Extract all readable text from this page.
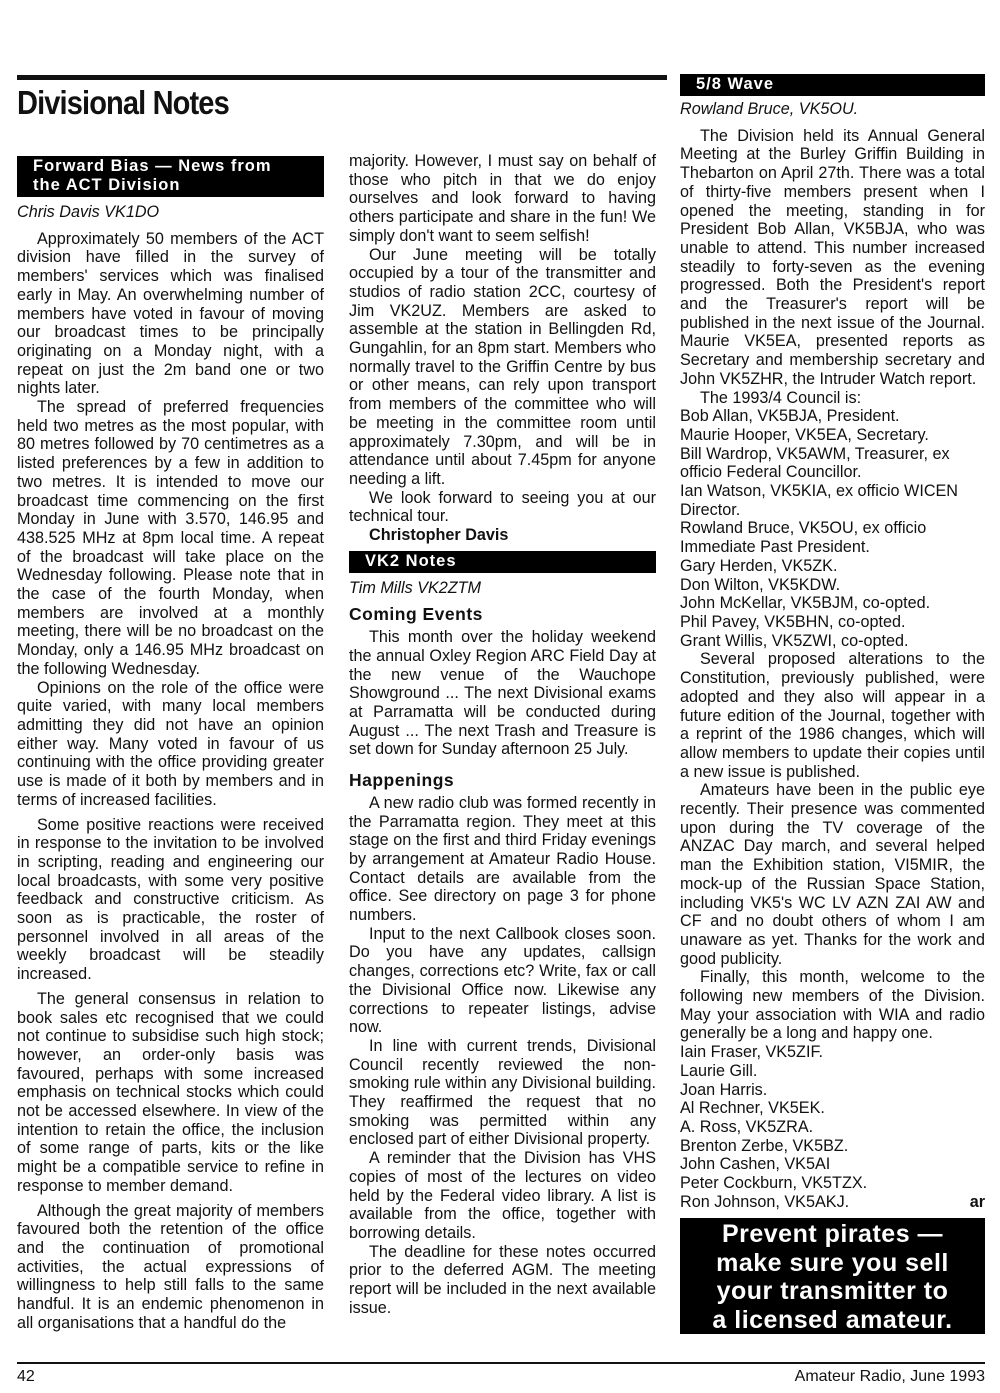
Divisional Notes
Forward Bias — News from
the ACT Division
Chris Davis VK1DO

Approximately 50 members of the ACT division have filled in the survey of members' services which was finalised early in May. An overwhelming number of members have voted in favour of moving our broadcast times to be principally originating on a Monday night, with a repeat on just the 2m band one or two nights later.

The spread of preferred frequencies held two metres as the most popular, with 80 metres followed by 70 centimetres as a listed preferences by a few in addition to two metres. It is intended to move our broadcast time commencing on the first Monday in June with 3.570, 146.95 and 438.525 MHz at 8pm local time. A repeat of the broadcast will take place on the Wednesday following. Please note that in the case of the fourth Monday, when members are involved at a monthly meeting, there will be no broadcast on the Monday, only a 146.95 MHz broadcast on the following Wednesday.

Opinions on the role of the office were quite varied, with many local members admitting they did not have an opinion either way. Many voted in favour of us continuing with the office providing greater use is made of it both by members and in terms of increased facilities.

Some positive reactions were received in response to the invitation to be involved in scripting, reading and engineering our local broadcasts, with some very positive feedback and constructive criticism. As soon as is practicable, the roster of personnel involved in all areas of the weekly broadcast will be steadily increased.

The general consensus in relation to book sales etc recognised that we could not continue to subsidise such high stock; however, an order-only basis was favoured, perhaps with some increased emphasis on technical stocks which could not be accessed elsewhere. In view of the intention to retain the office, the inclusion of some range of parts, kits or the like might be a compatible service to refine in response to member demand.

Although the great majority of members favoured both the retention of the office and the continuation of promotional activities, the actual expressions of willingness to help still falls to the same handful. It is an endemic phenomenon in all organisations that a handful do the

majority. However, I must say on behalf of those who pitch in that we do enjoy ourselves and look forward to having others participate and share in the fun! We simply don't want to seem selfish!

Our June meeting will be totally occupied by a tour of the transmitter and studios of radio station 2CC, courtesy of Jim VK2UZ. Members are asked to assemble at the station in Bellingden Rd, Gungahlin, for an 8pm start. Members who normally travel to the Griffin Centre by bus or other means, can rely upon transport from members of the committee who will be meeting in the committee room until approximately 7.30pm, and will be in attendance until about 7.45pm for anyone needing a lift.

We look forward to seeing you at our technical tour.

Christopher Davis

VK2 Notes
Tim Mills VK2ZTM
Coming Events

This month over the holiday weekend the annual Oxley Region ARC Field Day at the new venue of the Wauchope Showground ... The next Divisional exams at Parramatta will be conducted during August ... The next Trash and Treasure is set down for Sunday afternoon 25 July.

Happenings

A new radio club was formed recently in the Parramatta region. They meet at this stage on the first and third Friday evenings by arrangement at Amateur Radio House. Contact details are available from the office. See directory on page 3 for phone numbers.

Input to the next Callbook closes soon. Do you have any updates, callsign changes, corrections etc? Write, fax or call the Divisional Office now. Likewise any corrections to repeater listings, advise now.

In line with current trends, Divisional Council recently reviewed the non-smoking rule within any Divisional building. They reaffirmed the request that no smoking was permitted within any enclosed part of either Divisional property.

A reminder that the Division has VHS copies of most of the lectures on video held by the Federal video library. A list is available from the office, together with borrowing details.

The deadline for these notes occurred prior to the deferred AGM. The meeting report will be included in the next available issue.

5/8 Wave
Rowland Bruce, VK5OU.

The Division held its Annual General Meeting at the Burley Griffin Building in Thebarton on April 27th. There was a total of thirty-five members present when I opened the meeting, standing in for President Bob Allan, VK5BJA, who was unable to attend. This number increased steadily to forty-seven as the evening progressed. Both the President's report and the Treasurer's report will be published in the next issue of the Journal. Maurie VK5EA, presented reports as Secretary and membership secretary and John VK5ZHR, the Intruder Watch report.

The 1993/4 Council is:

Bob Allan, VK5BJA, President.

Maurie Hooper, VK5EA, Secretary.

Bill Wardrop, VK5AWM, Treasurer, ex officio Federal Councillor.

Ian Watson, VK5KIA, ex officio WICEN Director.

Rowland Bruce, VK5OU, ex officio Immediate Past President.

Gary Herden, VK5ZK.

Don Wilton, VK5KDW.

John McKellar, VK5BJM, co-opted.

Phil Pavey, VK5BHN, co-opted.

Grant Willis, VK5ZWI, co-opted.

Several proposed alterations to the Constitution, previously published, were adopted and they also will appear in a future edition of the Journal, together with a reprint of the 1986 changes, which will allow members to update their copies until a new issue is published.

Amateurs have been in the public eye recently. Their presence was commented upon during the TV coverage of the ANZAC Day march, and several helped man the Exhibition station, VI5MIR, the mock-up of the Russian Space Station, including VK5's WC LV AZN ZAI AW and CF and no doubt others of whom I am unaware as yet. Thanks for the work and good publicity.

Finally, this month, welcome to the following new members of the Division. May your association with WIA and radio generally be a long and happy one.

Iain Fraser, VK5ZIF.

Laurie Gill.

Joan Harris.

Al Rechner, VK5EK.

A. Ross, VK5ZRA.

Brenton Zerbe, VK5BZ.

John Cashen, VK5AI

Peter Cockburn, VK5TZX.

Ron Johnson, VK5AKJ.	ar

Prevent pirates —
make sure you sell
your transmitter to
a licensed amateur.
42	Amateur Radio, June 1993
